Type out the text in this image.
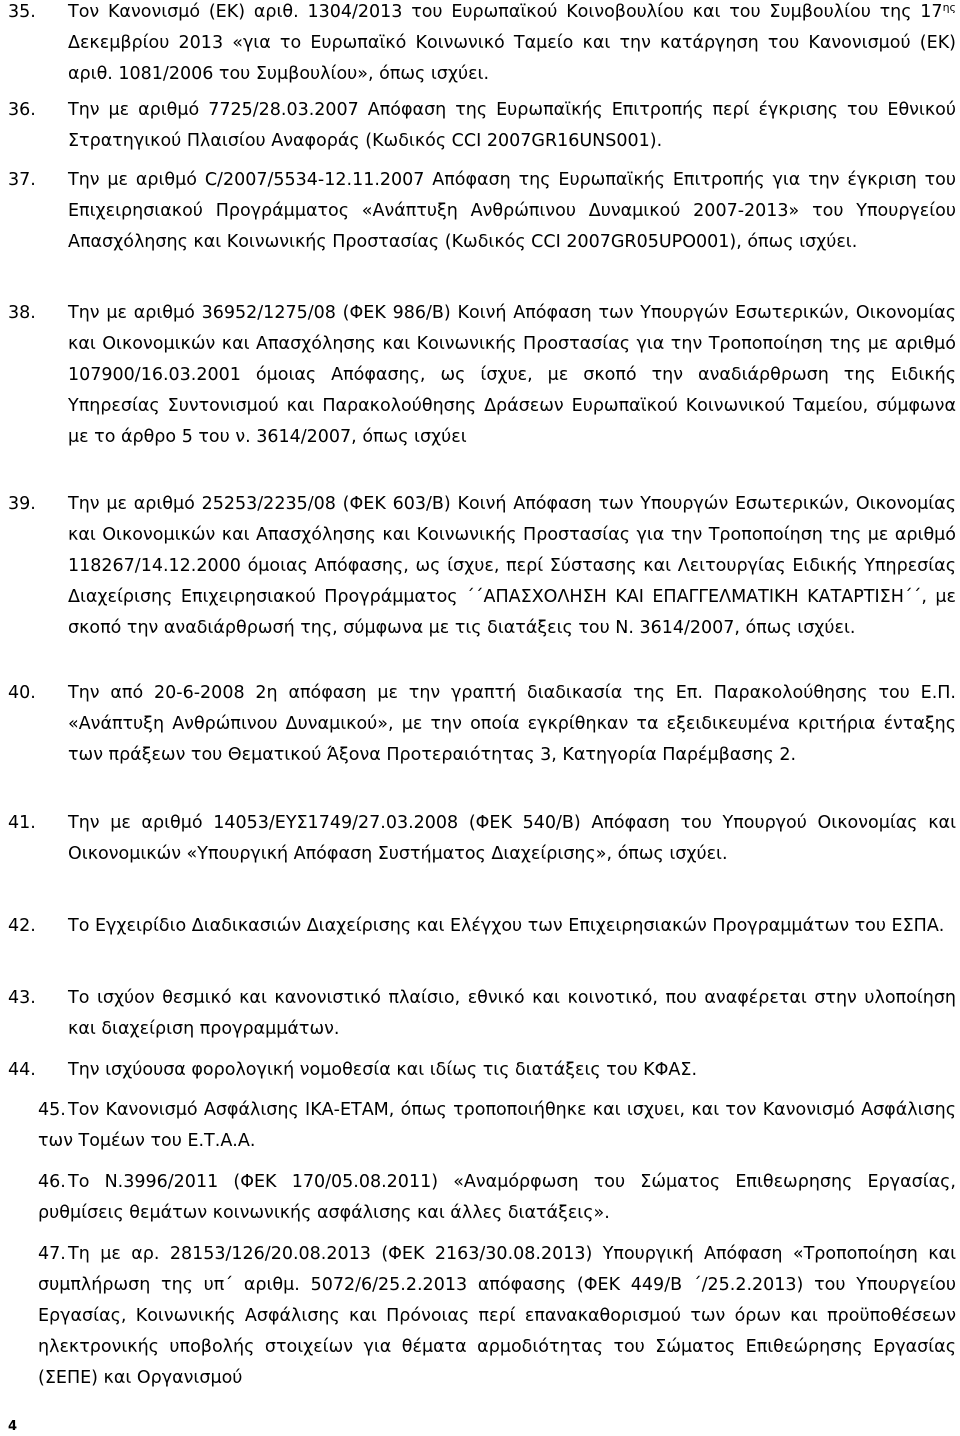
35. Τον Κανονισμό (ΕΚ) αριθ. 1304/2013 του Ευρωπαϊκού Κοινοβουλίου και του Συμβουλίου της $17^{\eta\varsigma}$ Δεκεμβρίου 2013 «για το Ευρωπαϊκό Κοινωνικό Ταμείο και την κατάργηση του Κανονισμού (ΕΚ) αριθ. 1081/2006 του Συμβουλίου», όπως ισχύει.
36. Την με αριθμό 7725/28.03.2007 Απόφαση της Ευρωπαϊκής Επιτροπής περί έγκρισης του Εθνικού Στρατηγικού Πλαισίου Αναφοράς (Κωδικός CCI 2007GR16UNS001).
37. Την με αριθμό C/2007/5534-12.11.2007 Απόφαση της Ευρωπαϊκής Επιτροπής για την έγκριση του Επιχειρησιακού Προγράμματος «Ανάπτυξη Ανθρώπινου Δυναμικού 2007-2013» του Υπουργείου Απασχόλησης και Κοινωνικής Προστασίας (Κωδικός CCI 2007GR05UPO001), όπως ισχύει.
38. Την με αριθμό 36952/1275/08 (ΦΕΚ 986/Β) Κοινή Απόφαση των Υπουργών Εσωτερικών, Οικονομίας και Οικονομικών και Απασχόλησης και Κοινωνικής Προστασίας για την Τροποποίηση της με αριθμό 107900/16.03.2001 όμοιας Απόφασης, ως ίσχυε, με σκοπό την αναδιάρθρωση της Ειδικής Υπηρεσίας Συντονισμού και Παρακολούθησης Δράσεων Ευρωπαϊκού Κοινωνικού Ταμείου, σύμφωνα με το άρθρο 5 του ν. 3614/2007, όπως ισχύει
39. Την με αριθμό 25253/2235/08 (ΦΕΚ 603/Β) Κοινή Απόφαση των Υπουργών Εσωτερικών, Οικονομίας και Οικονομικών και Απασχόλησης και Κοινωνικής Προστασίας για την Τροποποίηση της με αριθμό 118267/14.12.2000 όμοιας Απόφασης, ως ίσχυε, περί Σύστασης και Λειτουργίας Ειδικής Υπηρεσίας Διαχείρισης Επιχειρησιακού Προγράμματος ΄΄ΑΠΑΣΧΟΛΗΣΗ ΚΑΙ ΕΠΑΓΓΕΛΜΑΤΙΚΗ ΚΑΤΑΡΤΙΣΗ΄΄, με σκοπό την αναδιάρθρωσή της, σύμφωνα με τις διατάξεις του Ν. 3614/2007, όπως ισχύει.
40. Την από 20-6-2008 2η απόφαση με την γραπτή διαδικασία της Επ. Παρακολούθησης του Ε.Π. «Ανάπτυξη Ανθρώπινου Δυναμικού», με την οποία εγκρίθηκαν τα εξειδικευμένα κριτήρια ένταξης των πράξεων του Θεματικού Άξονα Προτεραιότητας 3, Κατηγορία Παρέμβασης 2.
41. Την με αριθμό 14053/ΕΥΣ1749/27.03.2008 (ΦΕΚ 540/Β) Απόφαση του Υπουργού Οικονομίας και Οικονομικών «Υπουργική Απόφαση Συστήματος Διαχείρισης», όπως ισχύει.
42. Το Εγχειρίδιο Διαδικασιών Διαχείρισης και Ελέγχου των Επιχειρησιακών Προγραμμάτων του ΕΣΠΑ.
43. Το ισχύον θεσμικό και κανονιστικό πλαίσιο, εθνικό και κοινοτικό, που αναφέρεται στην υλοποίηση και διαχείριση προγραμμάτων.
44. Την ισχύουσα φορολογική νομοθεσία και ιδίως τις διατάξεις του ΚΦΑΣ.
45. Τον Κανονισμό Ασφάλισης ΙΚΑ-ΕΤΑΜ, όπως τροποποιήθηκε και ισχυει, και τον Κανονισμό Ασφάλισης των Τομέων του Ε.Τ.Α.Α.
46. Το Ν.3996/2011 (ΦΕΚ 170/05.08.2011) «Αναμόρφωση του Σώματος Επιθεωρησης Εργασίας, ρυθμίσεις θεμάτων κοινωνικής ασφάλισης και άλλες διατάξεις».
47. Τη με αρ. 28153/126/20.08.2013 (ΦΕΚ 2163/30.08.2013) Υπουργική Απόφαση «Τροποποίηση και συμπλήρωση της υπ΄ αριθμ. 5072/6/25.2.2013 απόφασης (ΦΕΚ 449/Β ΄/25.2.2013) του Υπουργείου Εργασίας, Κοινωνικής Ασφάλισης και Πρόνοιας περί επανακαθορισμού των όρων και προϋποθέσεων ηλεκτρονικής υποβολής στοιχείων για θέματα αρμοδιότητας του Σώματος Επιθεώρησης Εργασίας (ΣΕΠΕ) και Οργανισμού
4
